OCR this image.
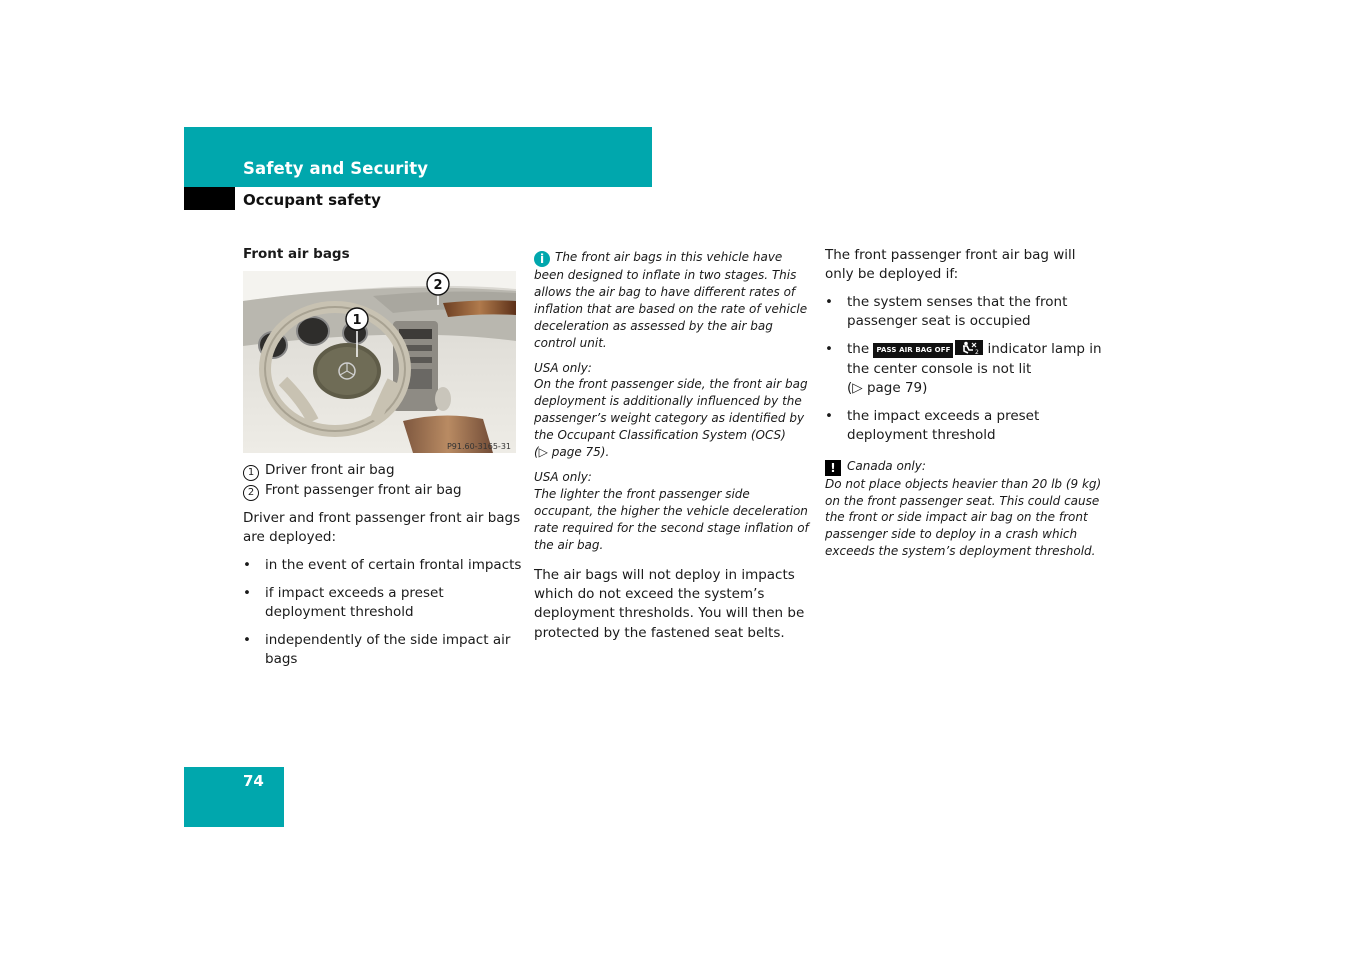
Safety and Security
Occupant safety
Front air bags
P91.60-3165-31
1
2
1 Driver front air bag
2 Front passenger front air bag

Driver and front passenger front air bags are deployed:

• in the event of certain frontal impacts
• if impact exceeds a preset deployment threshold
• independently of the side impact air bags

i The front air bags in this vehicle have been designed to inflate in two stages. This allows the air bag to have different rates of inflation that are based on the rate of vehicle deceleration as assessed by the air bag control unit.

USA only:

On the front passenger side, the front air bag deployment is additionally influenced by the passenger’s weight category as identified by the Occupant Classification System (OCS)

(▷ page 75).

USA only:

The lighter the front passenger side occupant, the higher the vehicle deceleration rate required for the second stage inflation of the air bag.

The air bags will not deploy in impacts which do not exceed the system’s deployment thresholds. You will then be protected by the fastened seat belts.

The front passenger front air bag will only be deployed if:

• the system senses that the front passenger seat is occupied
• the PASS AIR BAG OFF	2 indicator lamp in the center console is not lit
(▷ page 79)
• the impact exceeds a preset deployment threshold

! Canada only:

Do not place objects heavier than 20 lb (9 kg) on the front passenger seat. This could cause the front or side impact air bag on the front passenger side to deploy in a crash which exceeds the system’s deployment threshold.

74
